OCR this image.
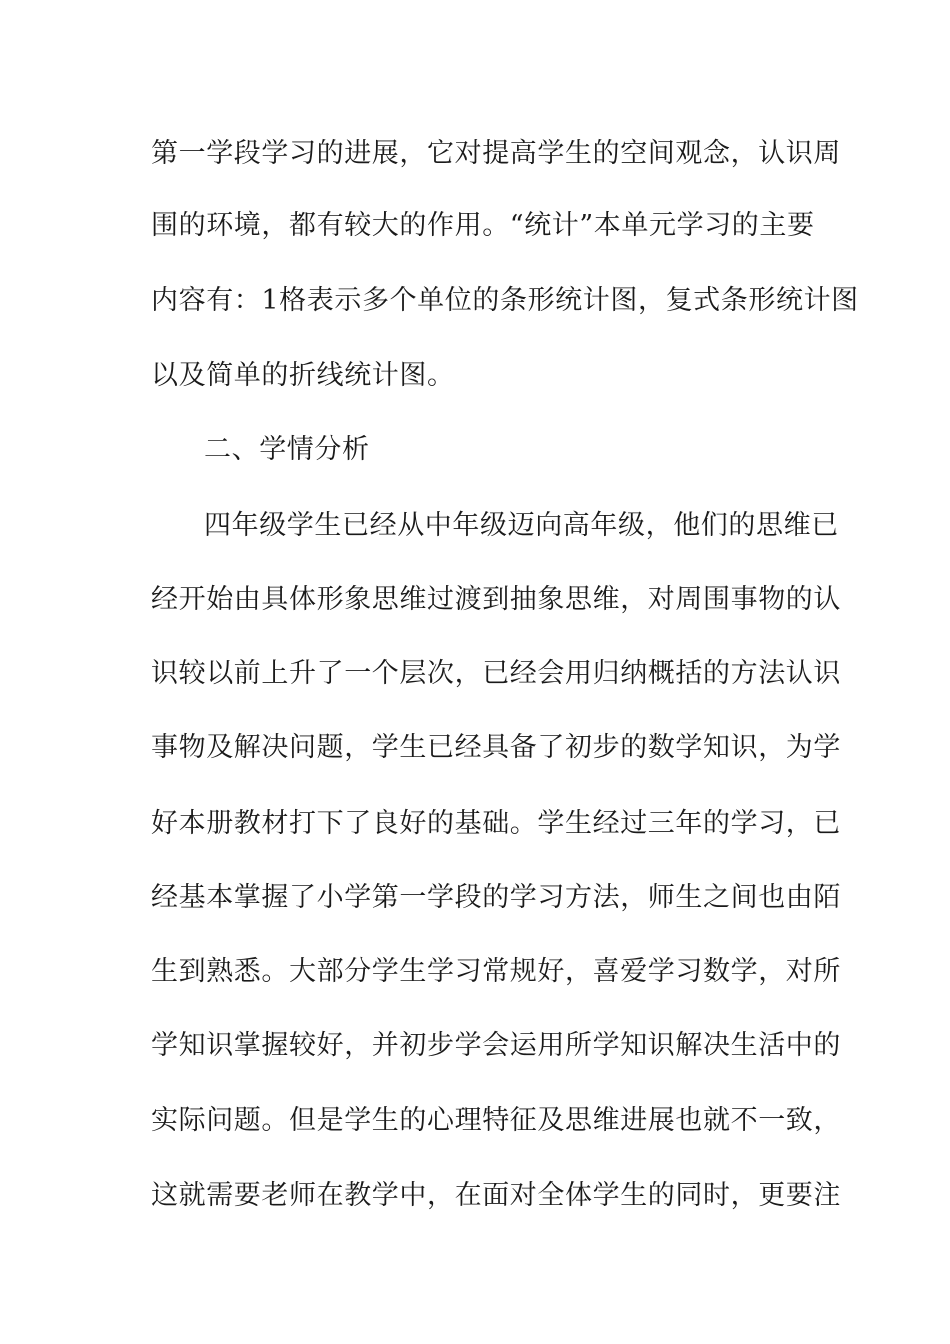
第一学段学习的进展，它对提高学生的空间观念，认识周
围的环境，都有较大的作用。“统计”本单元学习的主要
内容有：1格表示多个单位的条形统计图，复式条形统计图
以及简单的折线统计图。
二、学情分析
四年级学生已经从中年级迈向高年级，他们的思维已
经开始由具体形象思维过渡到抽象思维，对周围事物的认
识较以前上升了一个层次，已经会用归纳概括的方法认识
事物及解决问题，学生已经具备了初步的数学知识，为学
好本册教材打下了良好的基础。学生经过三年的学习，已
经基本掌握了小学第一学段的学习方法，师生之间也由陌
生到熟悉。大部分学生学习常规好，喜爱学习数学，对所
学知识掌握较好，并初步学会运用所学知识解决生活中的
实际问题。但是学生的心理特征及思维进展也就不一致，
这就需要老师在教学中，在面对全体学生的同时，更要注
